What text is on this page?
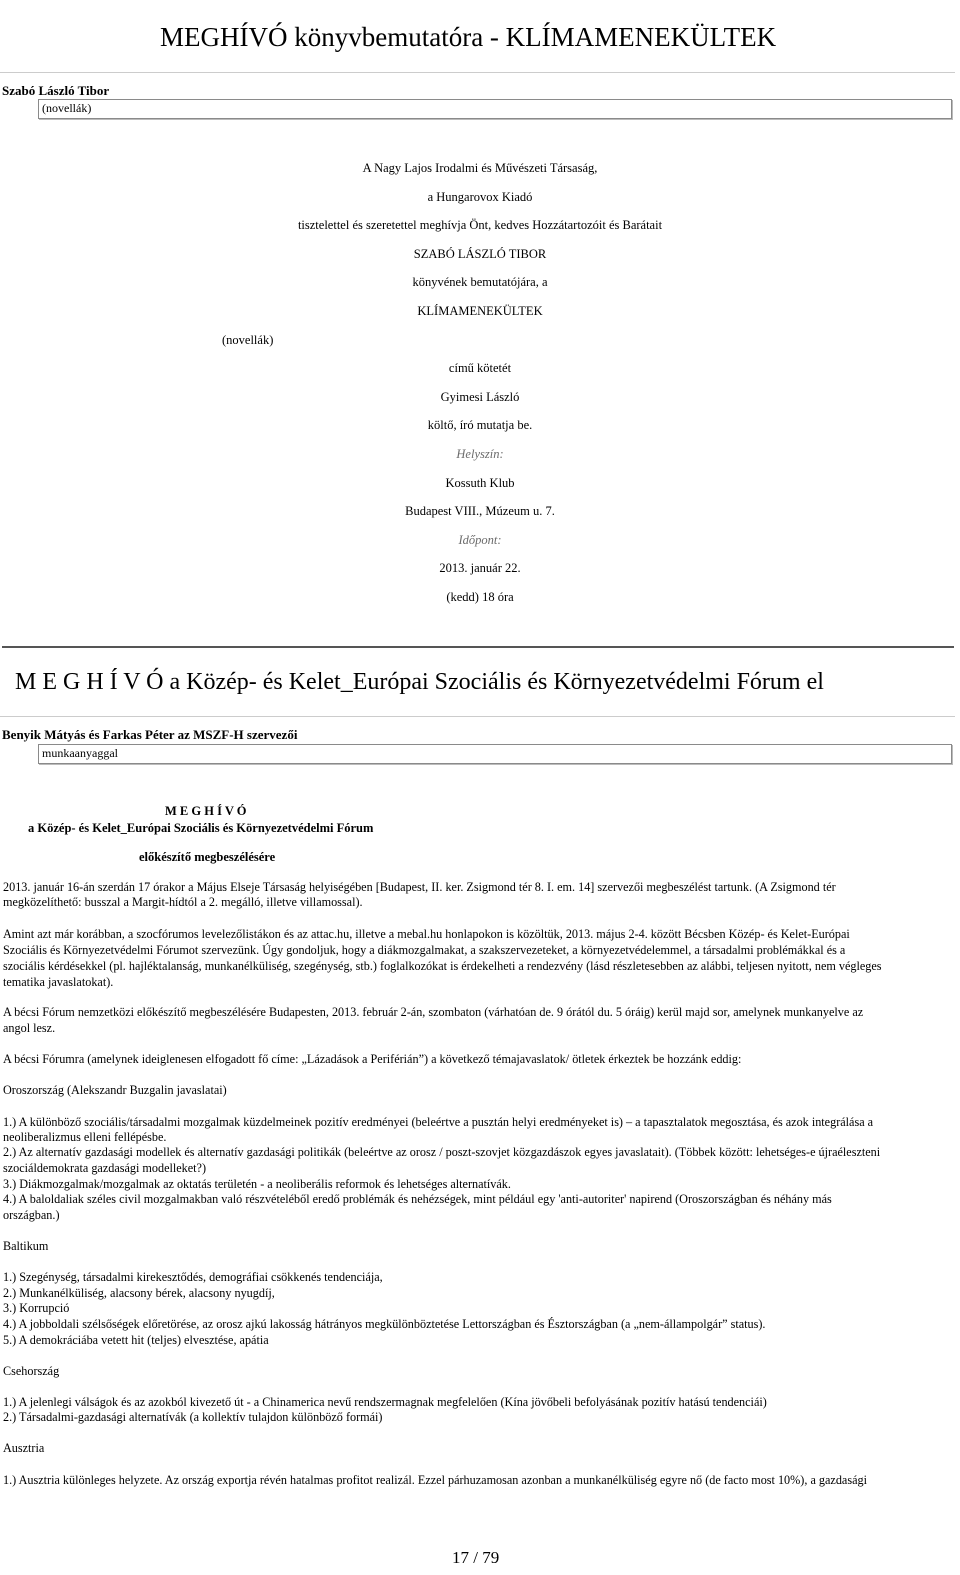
MEGHÍVÓ könyvbemutatóra - KLÍMAMENEKÜLTEK
Szabó László Tibor
(novellák)
A Nagy Lajos Irodalmi és Művészeti Társaság,
a Hungarovox Kiadó
tisztelettel és szeretettel meghívja Önt, kedves Hozzátartozóit és Barátait
SZABÓ LÁSZLÓ TIBOR
könyvének bemutatójára, a
KLÍMAMENEKÜLTEK
(novellák)
című kötetét
Gyimesi László
költő, író mutatja be.
Helyszín:
Kossuth Klub
Budapest VIII., Múzeum u. 7.
Időpont:
2013. január 22.
(kedd) 18 óra
M E G H Í V Ó a Közép- és Kelet_Európai Szociális és Környezetvédelmi Fórum el
Benyik Mátyás és Farkas Péter az MSZF-H szervezői
munkaanyaggal
M E G H Í V Ó
a Közép- és Kelet_Európai Szociális és Környezetvédelmi Fórum
előkészítő megbeszélésére
2013. január 16-án szerdán 17 órakor a Május Elseje Társaság helyiségében [Budapest, II. ker. Zsigmond tér 8. I. em. 14] szervezői megbeszélést tartunk. (A Zsigmond tér
megközelíthető: busszal a Margit-hídtól a 2. megálló, illetve villamossal).
Amint azt már korábban, a szocfórumos levelezőlistákon és az attac.hu, illetve a mebal.hu honlapokon is közöltük, 2013. május 2-4. között Bécsben Közép- és Kelet-Európai
Szociális és Környezetvédelmi Fórumot szervezünk. Úgy gondoljuk, hogy a diákmozgalmakat, a szakszervezeteket, a környezetvédelemmel, a társadalmi problémákkal és a
szociális kérdésekkel (pl. hajléktalanság, munkanélküliség, szegénység, stb.) foglalkozókat is érdekelheti a rendezvény (lásd részletesebben az alábbi, teljesen nyitott, nem végleges
tematika javaslatokat).
A bécsi Fórum nemzetközi előkészítő megbeszélésére Budapesten, 2013. február 2-án, szombaton (várhatóan de. 9 órától du. 5 óráig) kerül majd sor, amelynek munkanyelve az
angol lesz.
A bécsi Fórumra (amelynek ideiglenesen elfogadott fő címe: „Lázadások a Periférián”) a következő témajavaslatok/ ötletek érkeztek be hozzánk eddig:
Oroszország (Alekszandr Buzgalin javaslatai)
1.) A különböző szociális/társadalmi mozgalmak küzdelmeinek pozitív eredményei (beleértve a pusztán helyi eredményeket is) – a tapasztalatok megosztása, és azok integrálása a
neoliberalizmus elleni fellépésbe.
2.) Az alternatív gazdasági modellek és alternatív gazdasági politikák (beleértve az orosz / poszt-szovjet közgazdászok egyes javaslatait). (Többek között: lehetséges-e újraéleszteni
szociáldemokrata gazdasági modelleket?)
3.) Diákmozgalmak/mozgalmak az oktatás területén - a neoliberális reformok és lehetséges alternatívák.
4.) A baloldaliak széles civil mozgalmakban való részvételéből eredő problémák és nehézségek, mint például egy 'anti-autoriter' napirend (Oroszországban és néhány más
országban.)
Baltikum
1.) Szegénység, társadalmi kirekesztődés, demográfiai csökkenés tendenciája,
2.) Munkanélküliség, alacsony bérek, alacsony nyugdíj,
3.) Korrupció
4.) A jobboldali szélsőségek előretörése, az orosz ajkú lakosság hátrányos megkülönböztetése Lettországban és Észtországban (a „nem-állampolgár” status).
5.) A demokráciába vetett hit (teljes) elvesztése, apátia
Csehország
1.) A jelenlegi válságok és az azokból kivezető út - a Chinamerica nevű rendszermagnak megfelelően (Kína jövőbeli befolyásának pozitív hatású tendenciái)
2.) Társadalmi-gazdasági alternatívák (a kollektív tulajdon különböző formái)
Ausztria
1.) Ausztria különleges helyzete. Az ország exportja révén hatalmas profitot realizál. Ezzel párhuzamosan azonban a munkanélküliség egyre nő (de facto most 10%), a gazdasági
17 / 79
